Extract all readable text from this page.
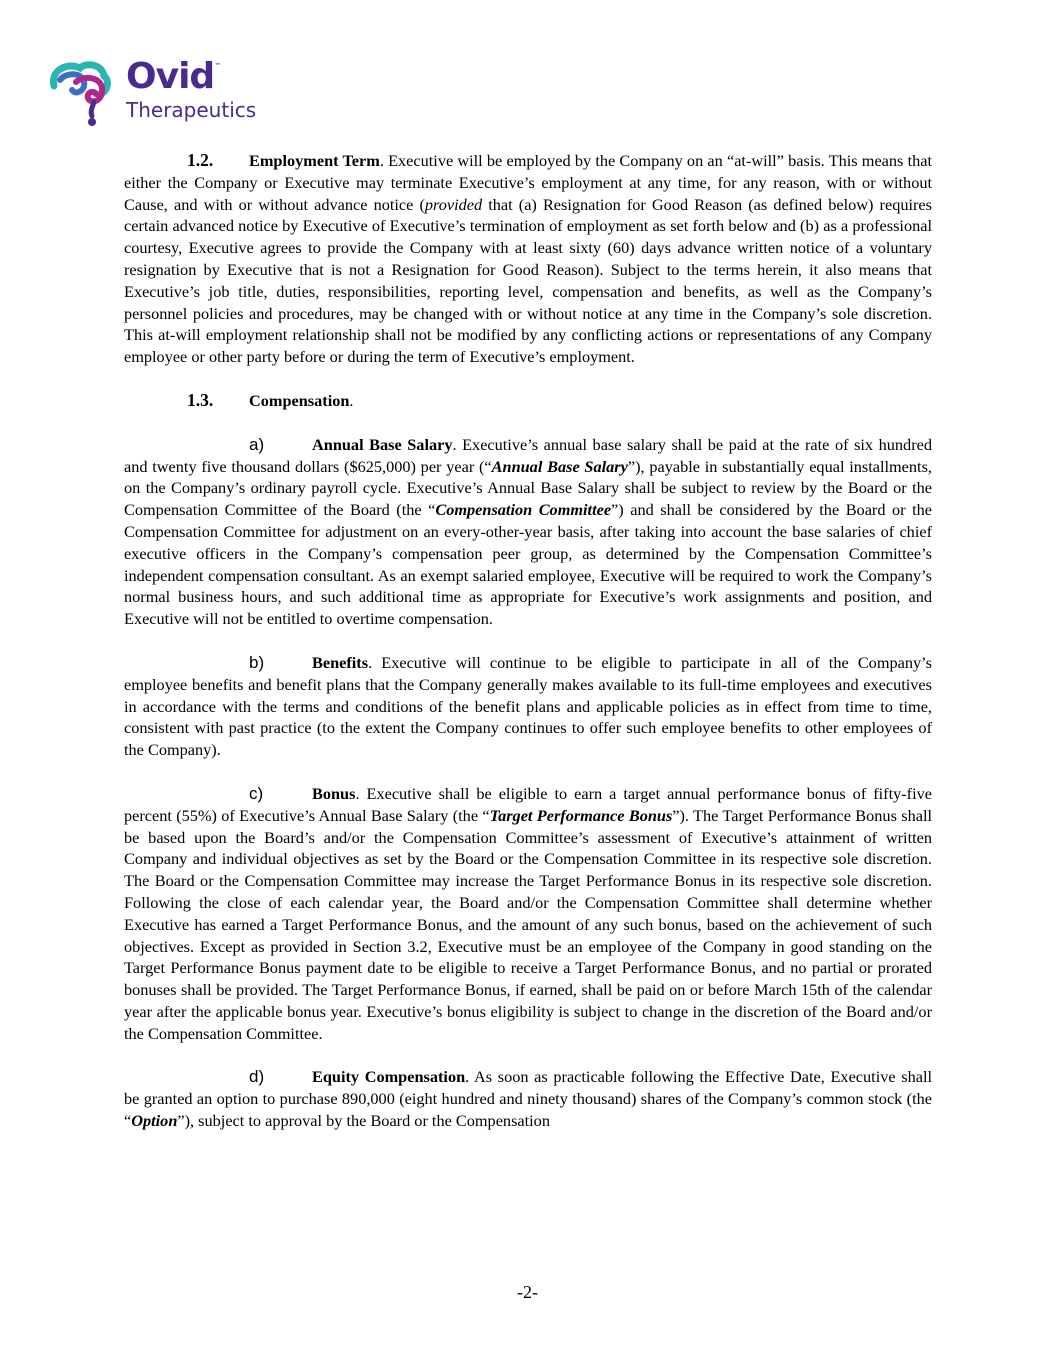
Ovid™
Therapeutics

1.2. Employment Term. Executive will be employed by the Company on an “at-will” basis. This means that either the Company or Executive may terminate Executive’s employment at any time, for any reason, with or without Cause, and with or without advance notice (provided that (a) Resignation for Good Reason (as defined below) requires certain advanced notice by Executive of Executive’s termination of employment as set forth below and (b) as a professional courtesy, Executive agrees to provide the Company with at least sixty (60) days advance written notice of a voluntary resignation by Executive that is not a Resignation for Good Reason). Subject to the terms herein, it also means that Executive’s job title, duties, responsibilities, reporting level, compensation and benefits, as well as the Company’s personnel policies and procedures, may be changed with or without notice at any time in the Company’s sole discretion. This at-will employment relationship shall not be modified by any conflicting actions or representations of any Company employee or other party before or during the term of Executive’s employment.

1.3. Compensation.

a)	Annual Base Salary. Executive’s annual base salary shall be paid at the rate of six hundred and twenty five thousand dollars ($625,000) per year (“Annual Base Salary”), payable in substantially equal installments, on the Company’s ordinary payroll cycle. Executive’s Annual Base Salary shall be subject to review by the Board or the Compensation Committee of the Board (the “Compensation Committee”) and shall be considered by the Board or the Compensation Committee for adjustment on an every-other-year basis, after taking into account the base salaries of chief executive officers in the Company’s compensation peer group, as determined by the Compensation Committee’s independent compensation consultant. As an exempt salaried employee, Executive will be required to work the Company’s normal business hours, and such additional time as appropriate for Executive’s work assignments and position, and Executive will not be entitled to overtime compensation.

b)	Benefits. Executive will continue to be eligible to participate in all of the Company’s employee benefits and benefit plans that the Company generally makes available to its full-time employees and executives in accordance with the terms and conditions of the benefit plans and applicable policies as in effect from time to time, consistent with past practice (to the extent the Company continues to offer such employee benefits to other employees of the Company).

c)	Bonus. Executive shall be eligible to earn a target annual performance bonus of fifty-five percent (55%) of Executive’s Annual Base Salary (the “Target Performance Bonus”). The Target Performance Bonus shall be based upon the Board’s and/or the Compensation Committee’s assessment of Executive’s attainment of written Company and individual objectives as set by the Board or the Compensation Committee in its respective sole discretion. The Board or the Compensation Committee may increase the Target Performance Bonus in its respective sole discretion. Following the close of each calendar year, the Board and/or the Compensation Committee shall determine whether Executive has earned a Target Performance Bonus, and the amount of any such bonus, based on the achievement of such objectives. Except as provided in Section 3.2, Executive must be an employee of the Company in good standing on the Target Performance Bonus payment date to be eligible to receive a Target Performance Bonus, and no partial or prorated bonuses shall be provided. The Target Performance Bonus, if earned, shall be paid on or before March 15th of the calendar year after the applicable bonus year. Executive’s bonus eligibility is subject to change in the discretion of the Board and/or the Compensation Committee.

d)	Equity Compensation. As soon as practicable following the Effective Date, Executive shall be granted an option to purchase 890,000 (eight hundred and ninety thousand) shares of the Company’s common stock (the “Option”), subject to approval by the Board or the Compensation

-2-
